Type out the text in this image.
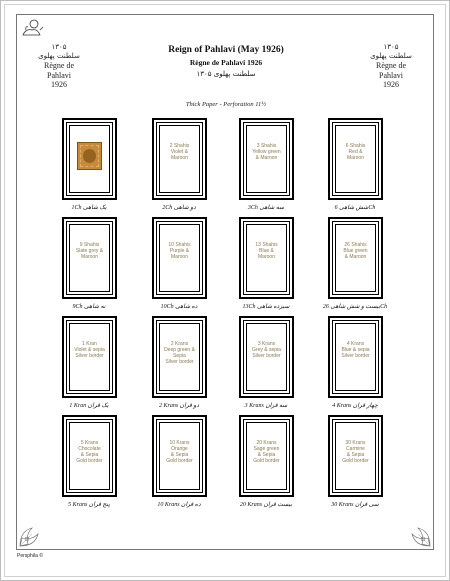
۱۳۰۵
سلطنت پهلوی
Règne de
Pahlavi
1926
۱۳۰۵
سلطنت پهلوی
Règne de
Pahlavi
1926
Reign of Pahlavi (May 1926)
Règne de Pahlavi 1926
سلطنت پهلوی ۱۳۰۵
Thick Paper - Perforation 11½
1Ch یک شاهی
2 Shahis
Violet &
Maroon
2Ch دو شاهی
3 Shahis
Yellow green
& Maroon
3Ch سه شاهی
6 Shahis
Red &
Maroon
شش شاهی 6Ch
9 Shahis
Slate grey &
Maroon
9Ch نه شاهی
10 Shahis
Purple &
Maroon
10Ch ده شاهی
13 Shahis
Blue &
Maroon
13Ch سیزده شاهی
26 Shahis
Blue green
& Maroon
بیست و شش شاهی 26Ch
1 Kran
Violet & sepia
Silver border
1 Kran یک قران
2 Krans
Deep green &
Sepia
Silver border
2 Krans دو قران
3 Krans
Grey & sepia
Silver border
3 Krans سه قران
4 Krans
Blue & sepia
Silver border
4 Krans چهار قران
5 Krans
Chocolate
& Sepia
Gold border
5 Krans پنج قران
10 Krans
Orange
& Sepia
Gold border
10 Krans ده قران
20 Krans
Sage green
& Sepia
Gold border
20 Krans بیست قران
30 Krans
Carmine
& Sepia
Gold border
30 Krans سی قران
Persphila ©
